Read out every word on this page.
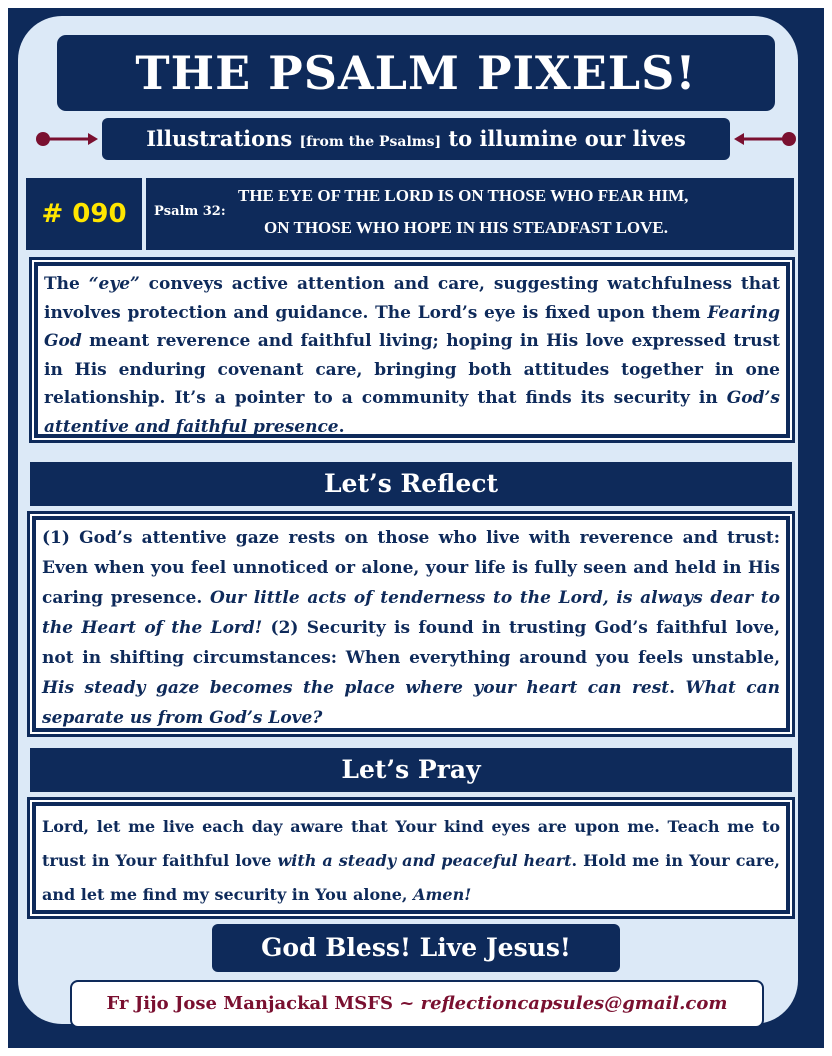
THE PSALM PIXELS!
Illustrations [from the Psalms] to illumine our lives
# 090 Psalm 32:
THE EYE OF THE LORD IS ON THOSE WHO FEAR HIM,
ON THOSE WHO HOPE IN HIS STEADFAST LOVE.
The “eye” conveys active attention and care, suggesting watchfulness that involves protection and guidance. The Lord’s eye is fixed upon them Fearing God meant reverence and faithful living; hoping in His love expressed trust in His enduring covenant care, bringing both attitudes together in one relationship. It’s a pointer to a community that finds its security in God’s attentive and faithful presence.
Let’s Reflect
(1) God’s attentive gaze rests on those who live with reverence and trust: Even when you feel unnoticed or alone, your life is fully seen and held in His caring presence. Our little acts of tenderness to the Lord, is always dear to the Heart of the Lord! (2) Security is found in trusting God’s faithful love, not in shifting circumstances: When everything around you feels unstable, His steady gaze becomes the place where your heart can rest. What can separate us from God’s Love?
Let’s Pray
Lord, let me live each day aware that Your kind eyes are upon me. Teach me to trust in Your faithful love with a steady and peaceful heart. Hold me in Your care, and let me find my security in You alone, Amen!
God Bless! Live Jesus!
Fr Jijo Jose Manjackal MSFS ~ reflectioncapsules@gmail.com
